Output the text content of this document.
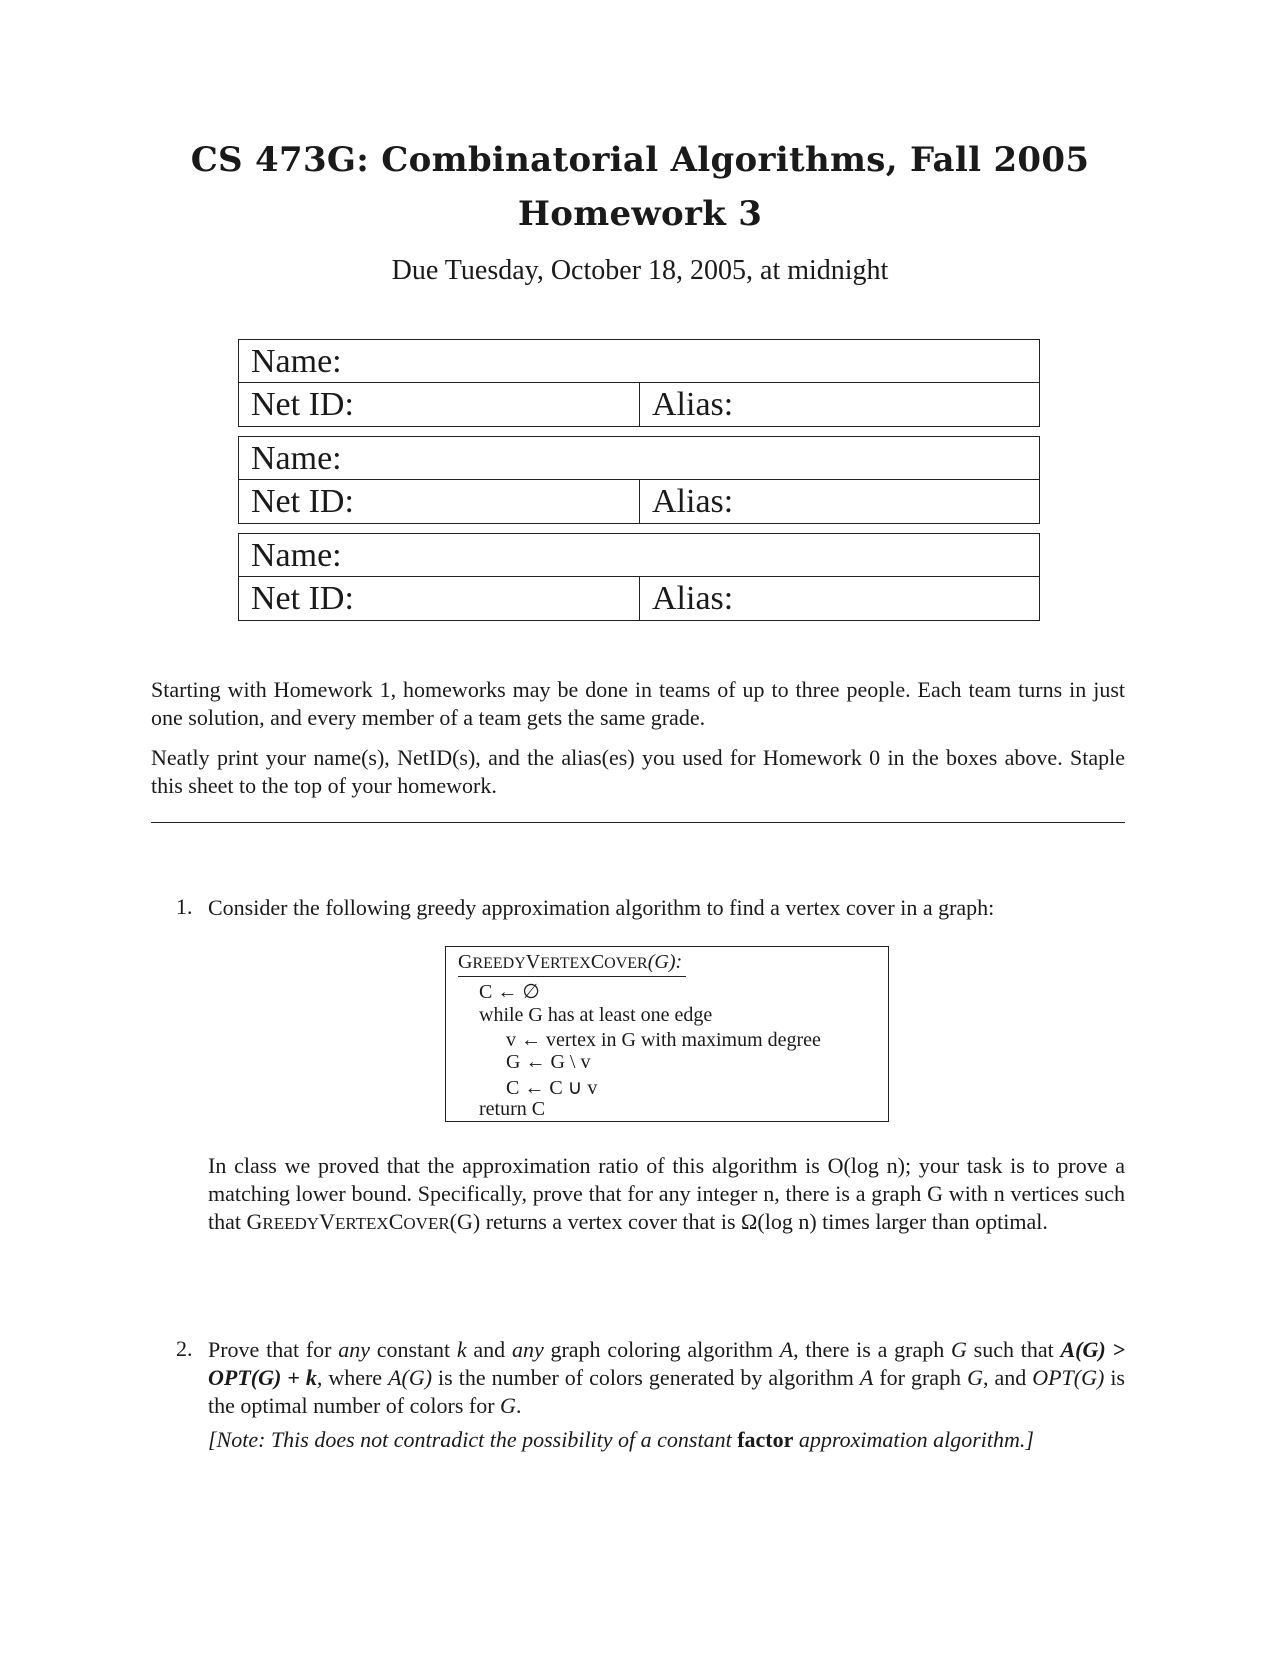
CS 473G: Combinatorial Algorithms, Fall 2005
Homework 3
Due Tuesday, October 18, 2005, at midnight
Name:
Net ID:	Alias:
Name:
Net ID:	Alias:
Name:
Net ID:	Alias:
Starting with Homework 1, homeworks may be done in teams of up to three people. Each team turns in just one solution, and every member of a team gets the same grade.
Neatly print your name(s), NetID(s), and the alias(es) you used for Homework 0 in the boxes above. Staple this sheet to the top of your homework.
1. Consider the following greedy approximation algorithm to find a vertex cover in a graph:
GREEDYVERTEXCOVER(G):
C ← ∅
while G has at least one edge
v ← vertex in G with maximum degree
G ← G \ v
C ← C ∪ v
return C
In class we proved that the approximation ratio of this algorithm is O(log n); your task is to prove a matching lower bound. Specifically, prove that for any integer n, there is a graph G with n vertices such that GREEDYVERTEXCOVER(G) returns a vertex cover that is Ω(log n) times larger than optimal.
2. Prove that for any constant k and any graph coloring algorithm A, there is a graph G such that A(G) > OPT(G) + k, where A(G) is the number of colors generated by algorithm A for graph G, and OPT(G) is the optimal number of colors for G.
[Note: This does not contradict the possibility of a constant factor approximation algorithm.]
